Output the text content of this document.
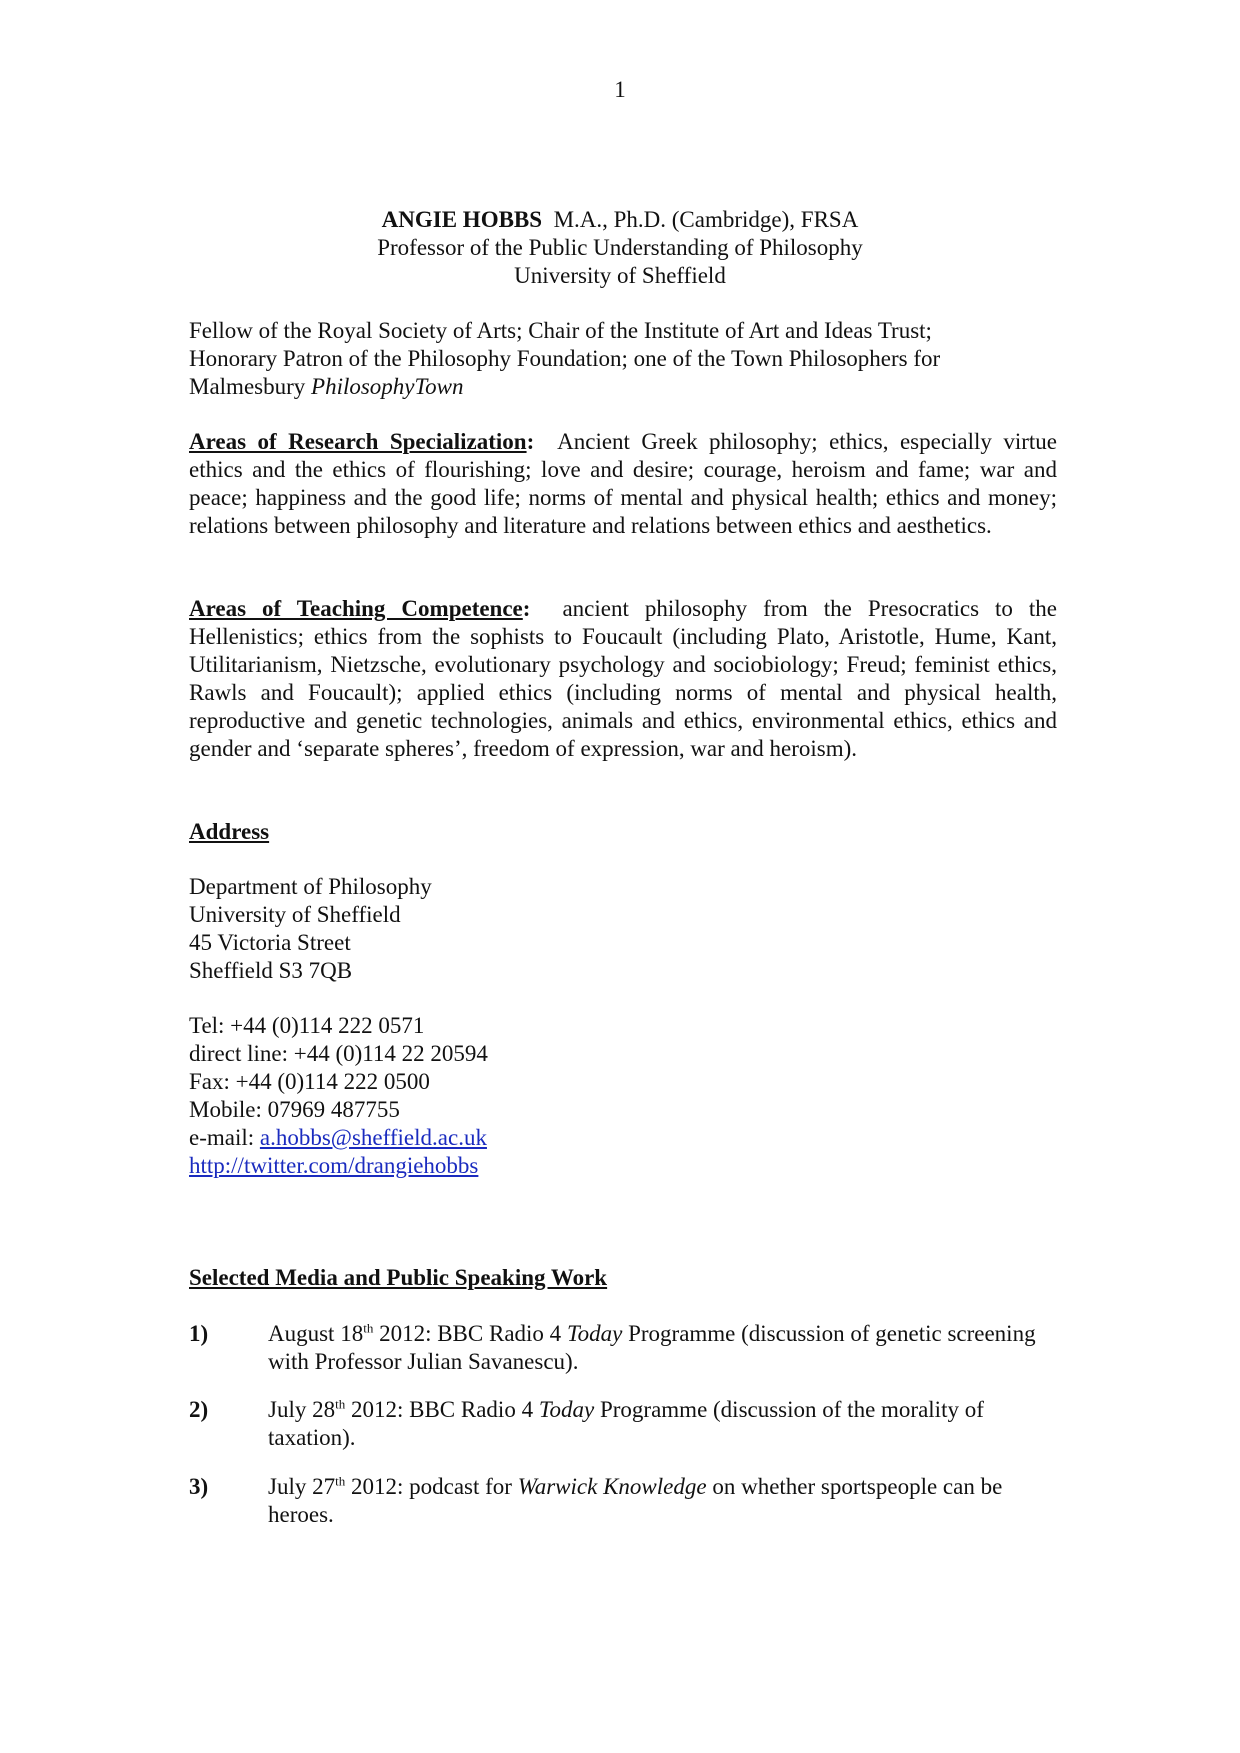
1
ANGIE HOBBS M.A., Ph.D. (Cambridge), FRSA
Professor of the Public Understanding of Philosophy
University of Sheffield
Fellow of the Royal Society of Arts; Chair of the Institute of Art and Ideas Trust;
Honorary Patron of the Philosophy Foundation; one of the Town Philosophers for
Malmesbury PhilosophyTown
Areas of Research Specialization: Ancient Greek philosophy; ethics, especially virtue ethics and the ethics of flourishing; love and desire; courage, heroism and fame; war and peace; happiness and the good life; norms of mental and physical health; ethics and money; relations between philosophy and literature and relations between ethics and aesthetics.
Areas of Teaching Competence: ancient philosophy from the Presocratics to the Hellenistics; ethics from the sophists to Foucault (including Plato, Aristotle, Hume, Kant, Utilitarianism, Nietzsche, evolutionary psychology and sociobiology; Freud; feminist ethics, Rawls and Foucault); applied ethics (including norms of mental and physical health, reproductive and genetic technologies, animals and ethics, environmental ethics, ethics and gender and ‘separate spheres’, freedom of expression, war and heroism).
Address
Department of Philosophy
University of Sheffield
45 Victoria Street
Sheffield S3 7QB
Tel: +44 (0)114 222 0571
direct line: +44 (0)114 22 20594
Fax: +44 (0)114 222 0500
Mobile: 07969 487755
e-mail: a.hobbs@sheffield.ac.uk
http://twitter.com/drangiehobbs
Selected Media and Public Speaking Work
1)	August 18th 2012: BBC Radio 4 Today Programme (discussion of genetic screening with Professor Julian Savanescu).
2)	July 28th 2012: BBC Radio 4 Today Programme (discussion of the morality of taxation).
3)	July 27th 2012: podcast for Warwick Knowledge on whether sportspeople can be heroes.
